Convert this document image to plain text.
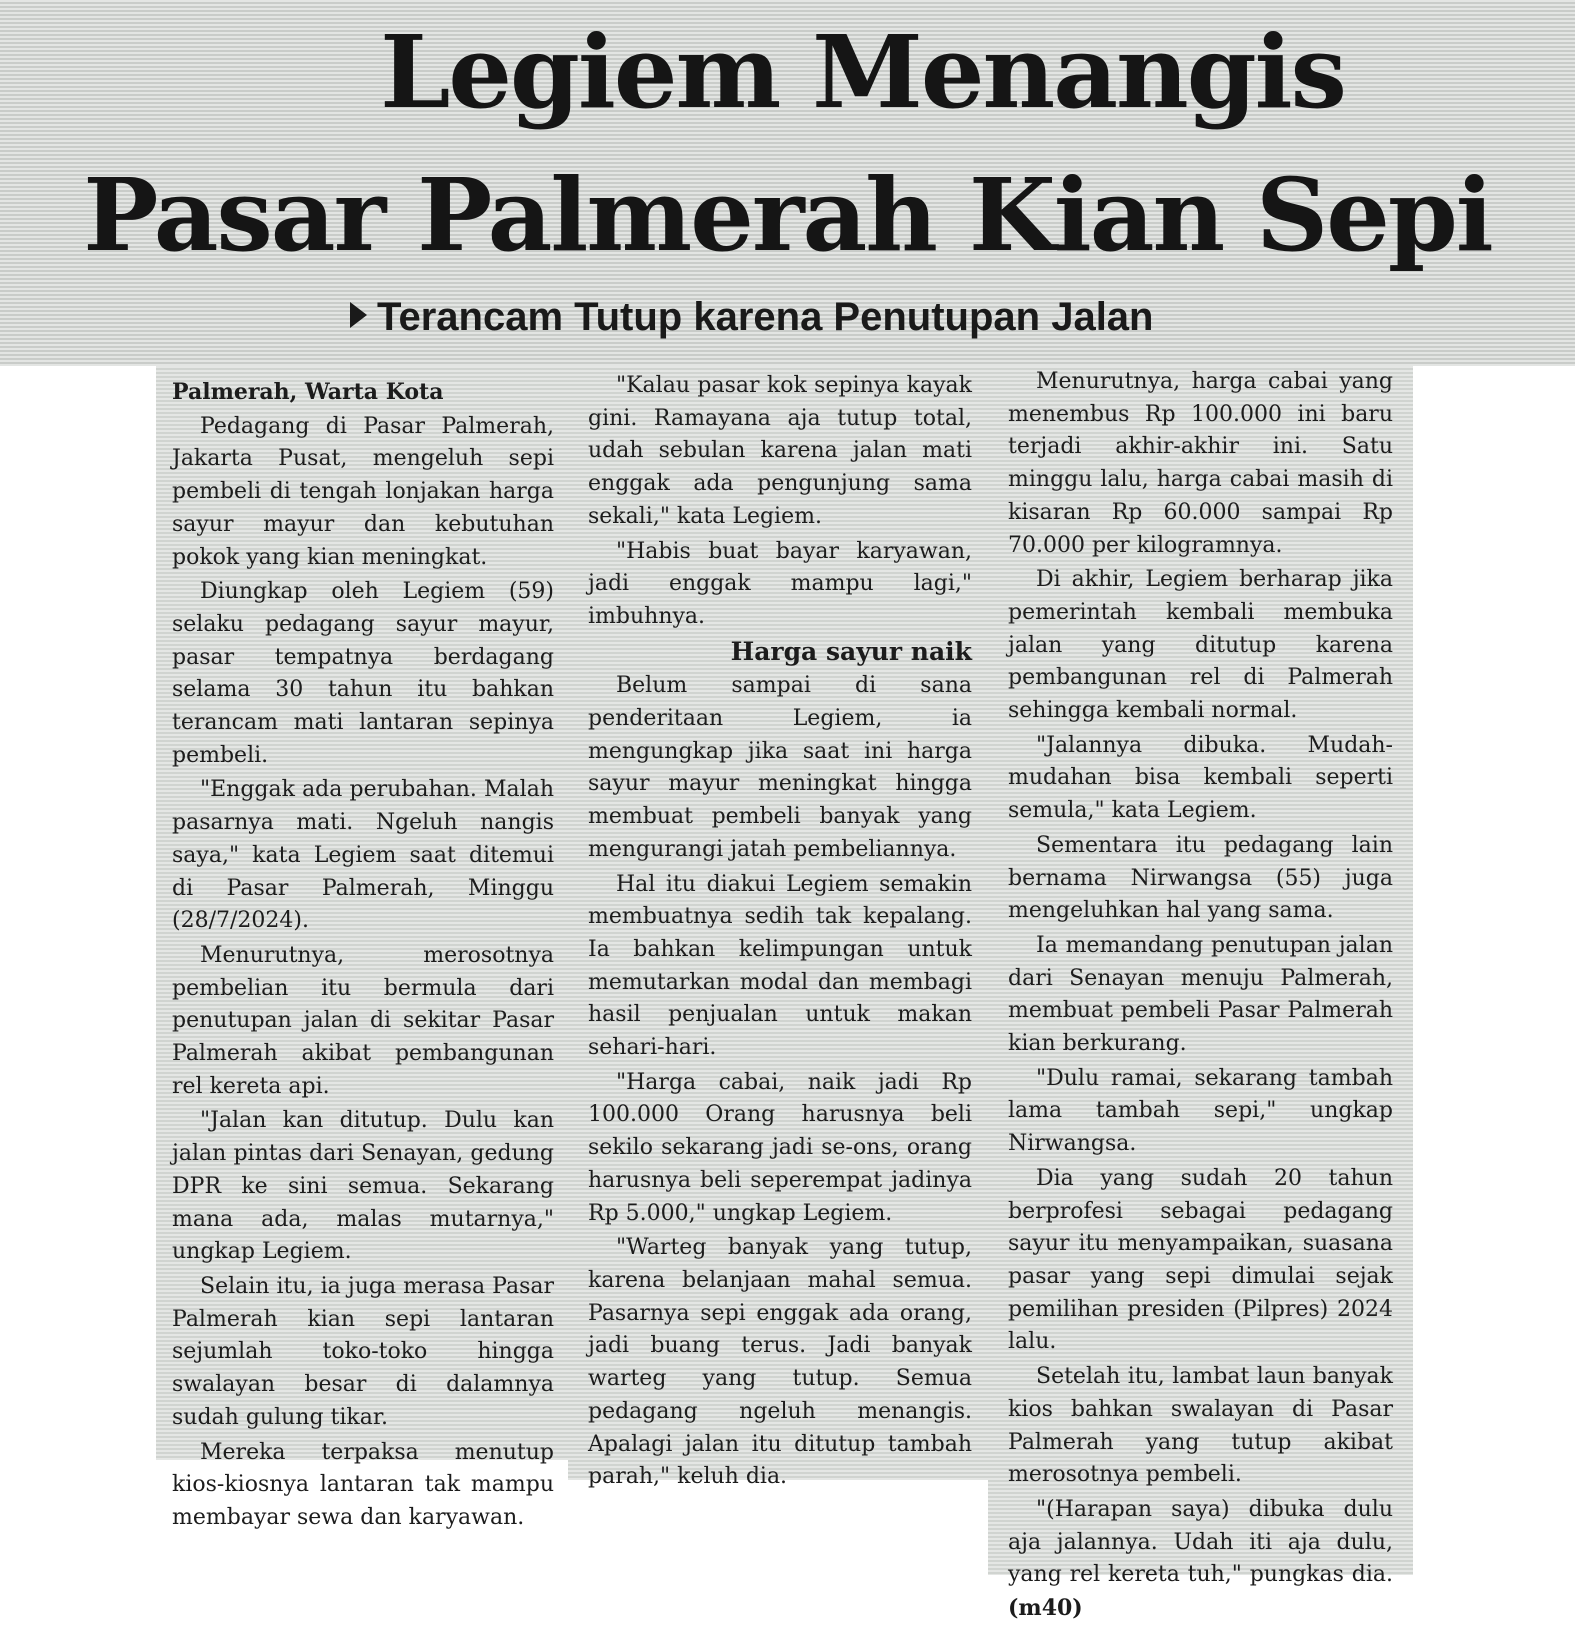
Legiem Menangis
Pasar Palmerah Kian Sepi
Terancam Tutup karena Penutupan Jalan

Palmerah, Warta Kota

Pedagang di Pasar Palmerah, Jakarta Pusat, mengeluh sepi pembeli di tengah lonjakan harga sayur mayur dan kebutuhan pokok yang kian meningkat.

Diungkap oleh Legiem (59) selaku pedagang sayur mayur, pasar tempatnya berdagang selama 30 tahun itu bahkan terancam mati lantaran sepinya pembeli.

"Enggak ada perubahan. Malah pasarnya mati. Ngeluh nangis saya," kata Legiem saat ditemui di Pasar Palmerah, Minggu (28/7/2024).

Menurutnya, merosotnya pembelian itu bermula dari penutupan jalan di sekitar Pasar Palmerah akibat pembangunan rel kereta api.

"Jalan kan ditutup. Dulu kan jalan pintas dari Senayan, gedung DPR ke sini semua. Sekarang mana ada, malas mutarnya," ungkap Legiem.

Selain itu, ia juga merasa Pasar Palmerah kian sepi lantaran sejumlah toko-toko hingga swalayan besar di dalamnya sudah gulung tikar.

Mereka terpaksa menutup kios-kiosnya lantaran tak mampu membayar sewa dan karyawan.

"Kalau pasar kok sepinya kayak gini. Ramayana aja tutup total, udah sebulan karena jalan mati enggak ada pengunjung sama sekali," kata Legiem.

"Habis buat bayar karyawan, jadi enggak mampu lagi," imbuhnya.

Harga sayur naik

Belum sampai di sana penderitaan Legiem, ia mengungkap jika saat ini harga sayur mayur meningkat hingga membuat pembeli banyak yang mengurangi jatah pembeliannya.

Hal itu diakui Legiem semakin membuatnya sedih tak kepalang. Ia bahkan kelimpungan untuk memutarkan modal dan membagi hasil penjualan untuk makan sehari-hari.

"Harga cabai, naik jadi Rp 100.000 Orang harusnya beli sekilo sekarang jadi se-ons, orang harusnya beli seperempat jadinya Rp 5.000," ungkap Legiem.

"Warteg banyak yang tutup, karena belanjaan mahal semua. Pasarnya sepi enggak ada orang, jadi buang terus. Jadi banyak warteg yang tutup. Semua pedagang ngeluh menangis. Apalagi jalan itu ditutup tambah parah," keluh dia.

Menurutnya, harga cabai yang menembus Rp 100.000 ini baru terjadi akhir-akhir ini. Satu minggu lalu, harga cabai masih di kisaran Rp 60.000 sampai Rp 70.000 per kilogramnya.

Di akhir, Legiem berharap jika pemerintah kembali membuka jalan yang ditutup karena pembangunan rel di Palmerah sehingga kembali normal.

"Jalannya dibuka. Mudah-mudahan bisa kembali seperti semula," kata Legiem.

Sementara itu pedagang lain bernama Nirwangsa (55) juga mengeluhkan hal yang sama.

Ia memandang penutupan jalan dari Senayan menuju Palmerah, membuat pembeli Pasar Palmerah kian berkurang.

"Dulu ramai, sekarang tambah lama tambah sepi," ungkap Nirwangsa.

Dia yang sudah 20 tahun berprofesi sebagai pedagang sayur itu menyampaikan, suasana pasar yang sepi dimulai sejak pemilihan presiden (Pilpres) 2024 lalu.

Setelah itu, lambat laun banyak kios bahkan swalayan di Pasar Palmerah yang tutup akibat merosotnya pembeli.

"(Harapan saya) dibuka dulu aja jalannya. Udah iti aja dulu, yang rel kereta tuh," pungkas dia. (m40)
